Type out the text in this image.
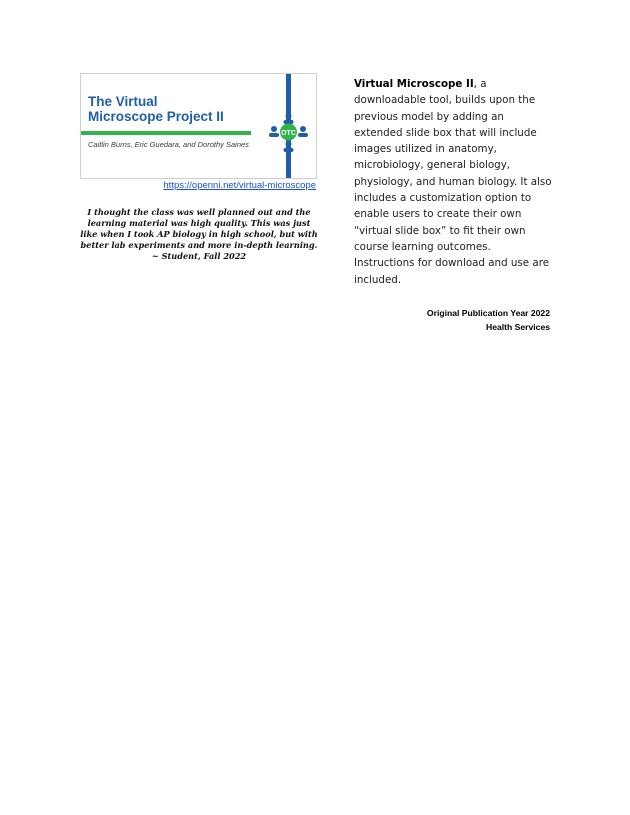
The Virtual
Microscope Project II
Caitlin Burns, Eric Guedara, and Dorothy Saines
OTC
https://openni.net/virtual-microscope
I thought the class was well planned out and the learning material was high quality. This was just like when I took AP biology in high school, but with better lab experiments and more in-depth learning.
~ Student, Fall 2022
Virtual Microscope II, a downloadable tool, builds upon the previous model by adding an extended slide box that will include images utilized in anatomy, microbiology, general biology, physiology, and human biology. It also includes a customization option to enable users to create their own “virtual slide box” to fit their own course learning outcomes. Instructions for download and use are included.
Original Publication Year 2022
Health Services
